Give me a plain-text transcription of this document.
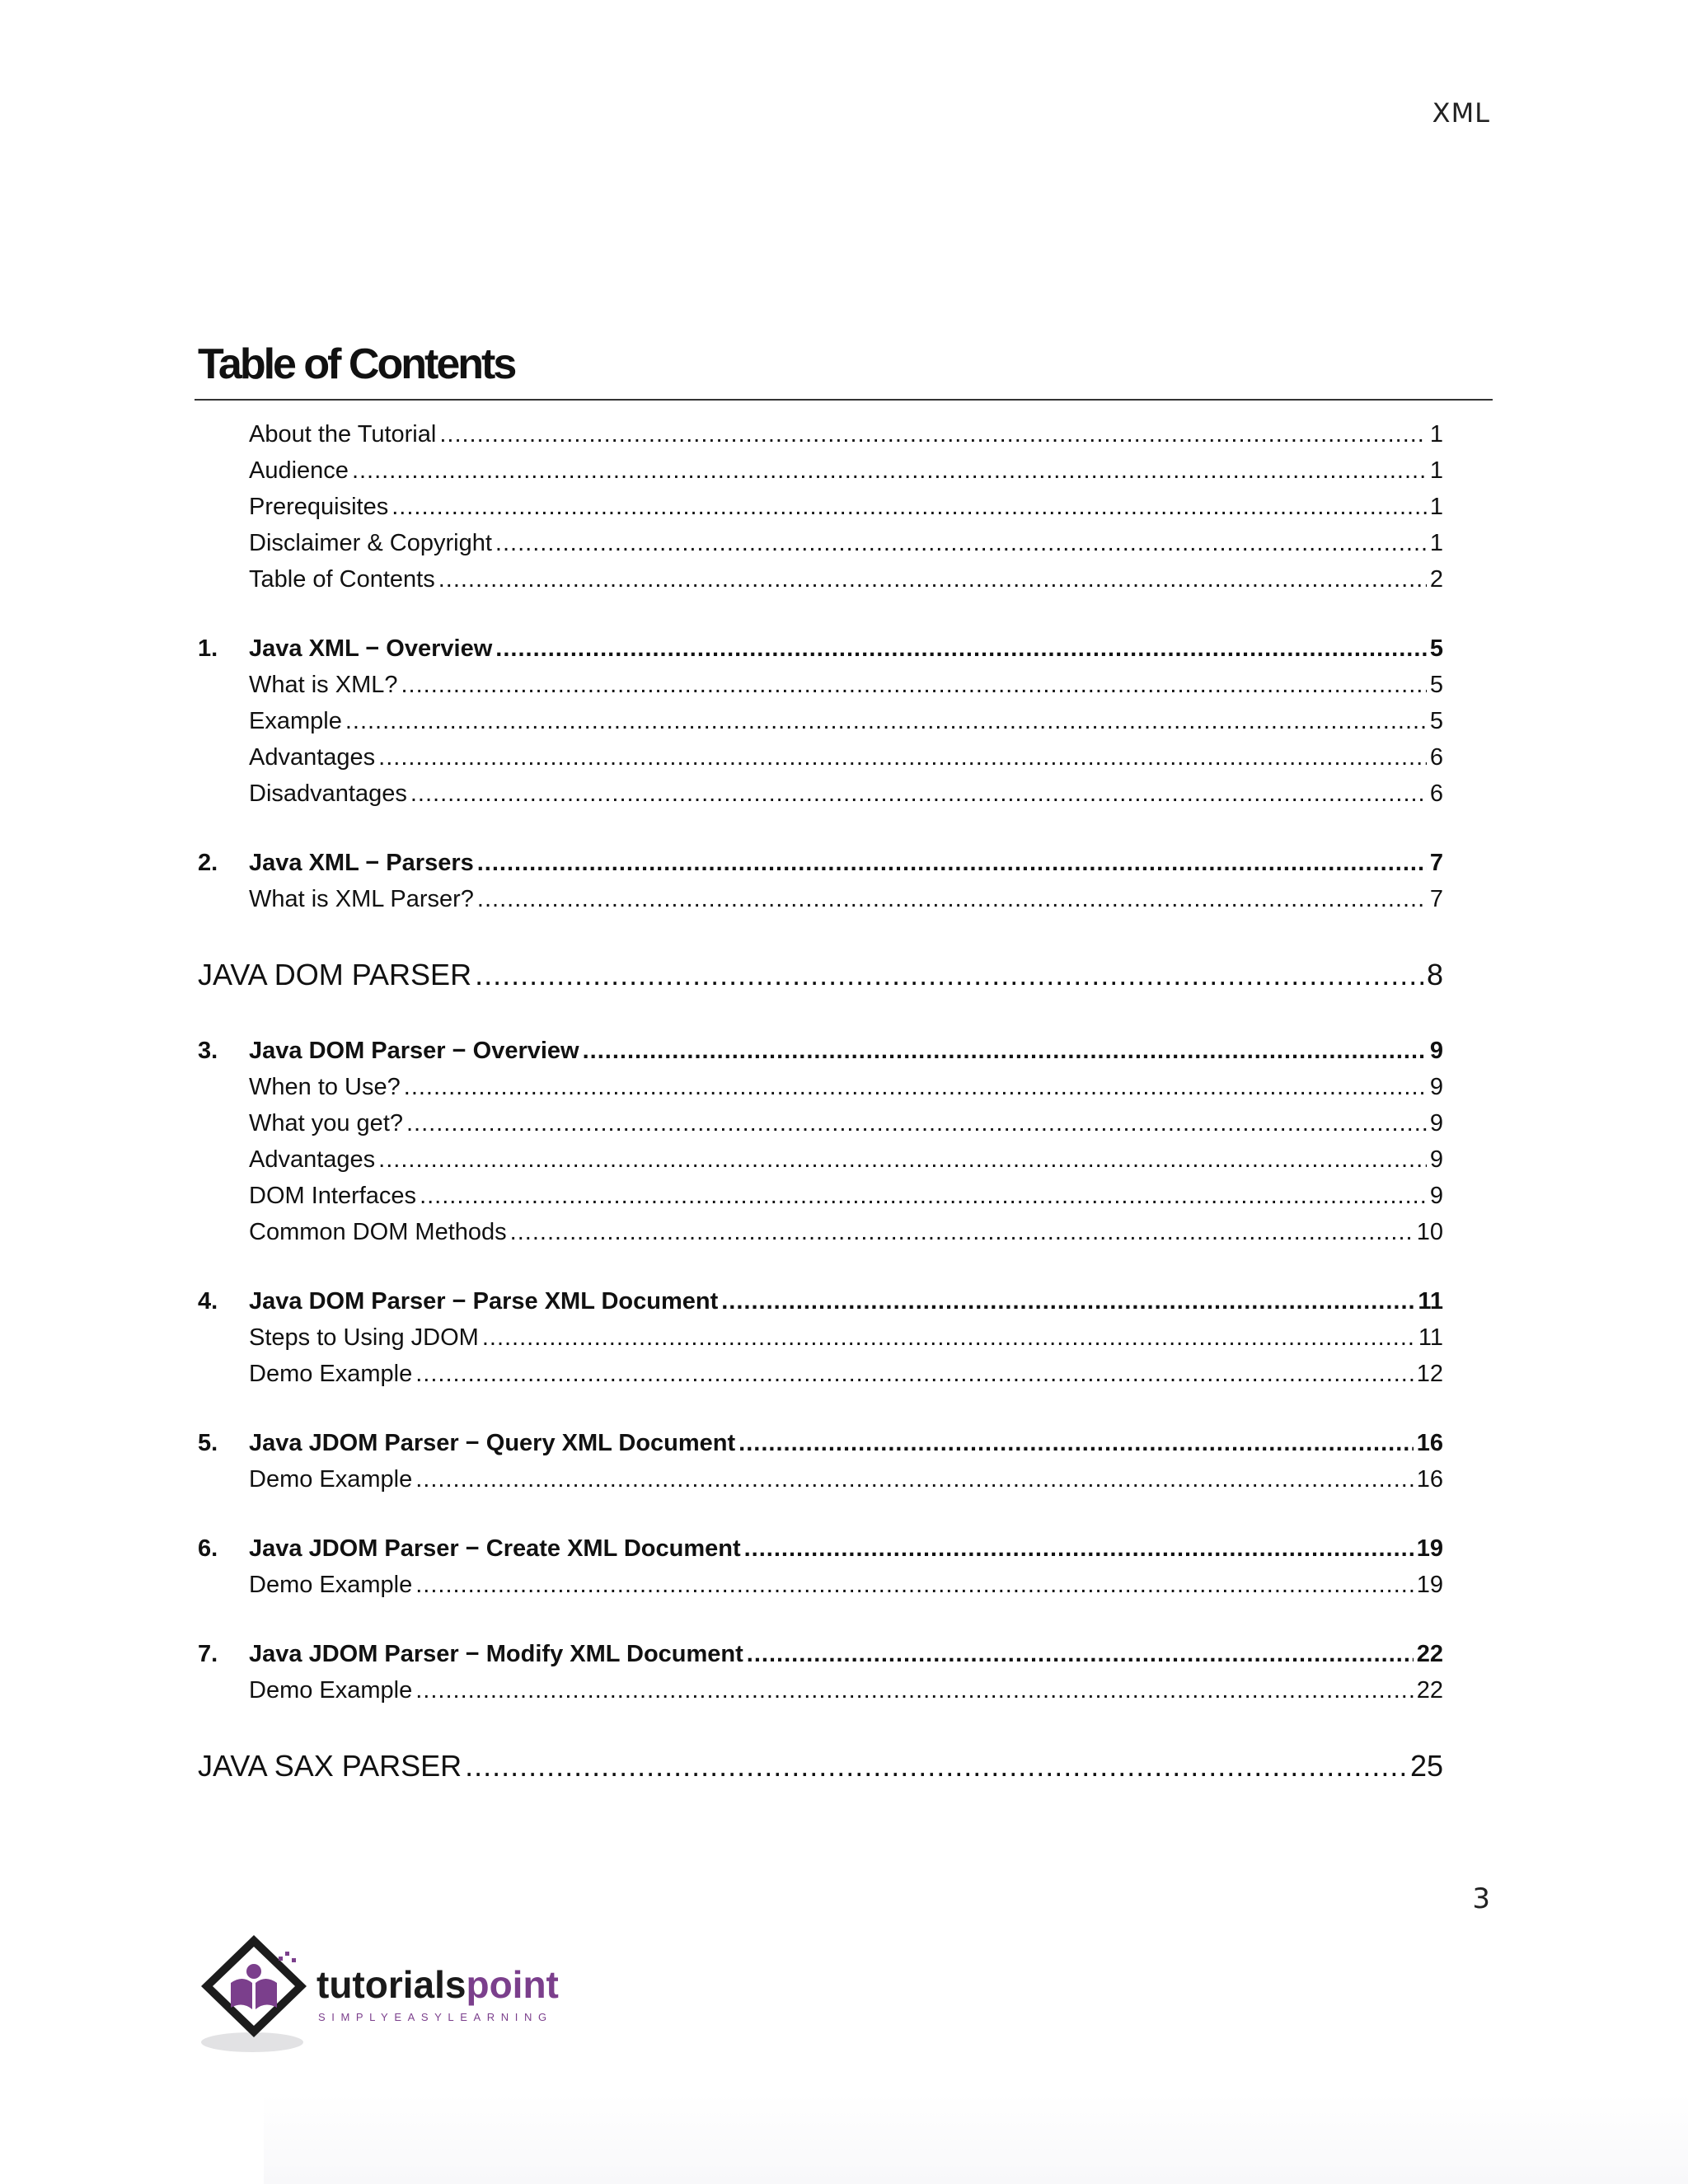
XML
Table of Contents
About the Tutorial .....	1
Audience .....	1
Prerequisites .....	1
Disclaimer & Copyright .....	1
Table of Contents .....	2
1.	Java XML − Overview .....	5
What is XML? .....	5
Example .....	5
Advantages .....	6
Disadvantages .....	6
2.	Java XML − Parsers .....	7
What is XML Parser? .....	7
JAVA DOM PARSER .....	8
3.	Java DOM Parser − Overview .....	9
When to Use? .....	9
What you get? .....	9
Advantages .....	9
DOM Interfaces .....	9
Common DOM Methods .....	10
4.	Java DOM Parser − Parse XML Document .....	11
Steps to Using JDOM .....	11
Demo Example .....	12
5.	Java JDOM Parser − Query XML Document .....	16
Demo Example .....	16
6.	Java JDOM Parser − Create XML Document .....	19
Demo Example .....	19
7.	Java JDOM Parser − Modify XML Document .....	22
Demo Example .....	22
JAVA SAX PARSER .....	25
3
tutorialspoint
SIMPLYEASYLEARNING
